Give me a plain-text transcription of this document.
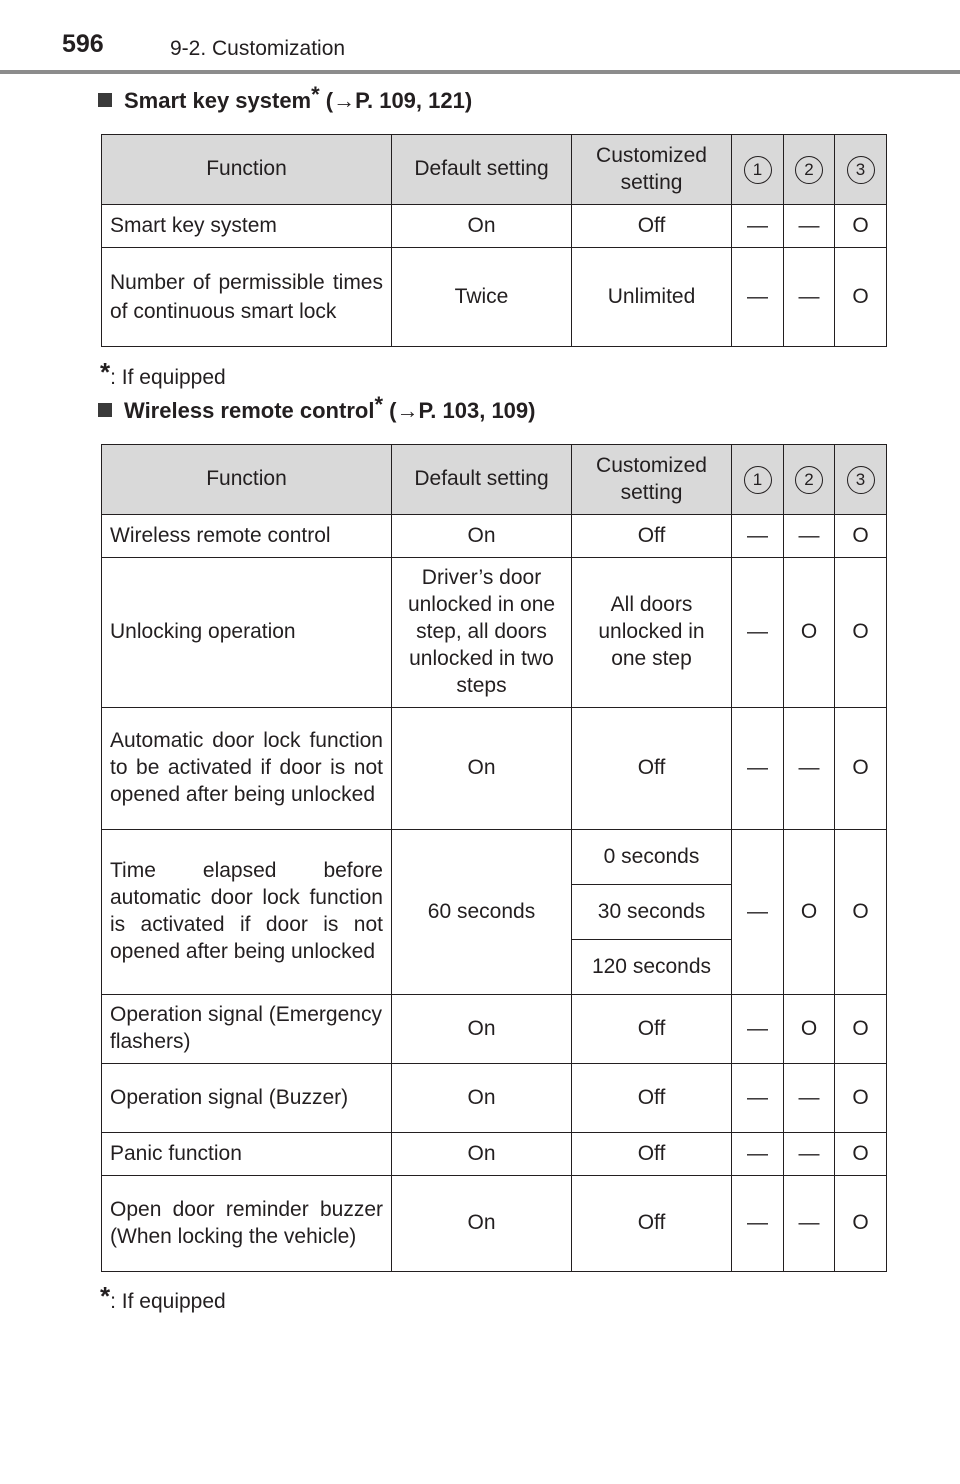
596	9-2. Customization
Smart key system* (→P. 109, 121)
Function	Default setting	Customized setting	1	2	3
Smart key system	On	Off	—	—	O
Number of permissible times of continuous smart lock	Twice	Unlimited	—	—	O
*: If equipped
Wireless remote control* (→P. 103, 109)
Function	Default setting	Customized setting	1	2	3
Wireless remote control	On	Off	—	—	O
Unlocking operation	Driver’s door unlocked in one step, all doors unlocked in two steps	All doors unlocked in one step	—	O	O
Automatic door lock function to be activated if door is not opened after being unlocked	On	Off	—	—	O
Time elapsed before automatic door lock function is activated if door is not opened after being unlocked	60 seconds	0 seconds	—	O	O
		30 seconds			
		120 seconds			
Operation signal (Emergency flashers)	On	Off	—	O	O
Operation signal (Buzzer)	On	Off	—	—	O
Panic function	On	Off	—	—	O
Open door reminder buzzer (When locking the vehicle)	On	Off	—	—	O
*: If equipped
